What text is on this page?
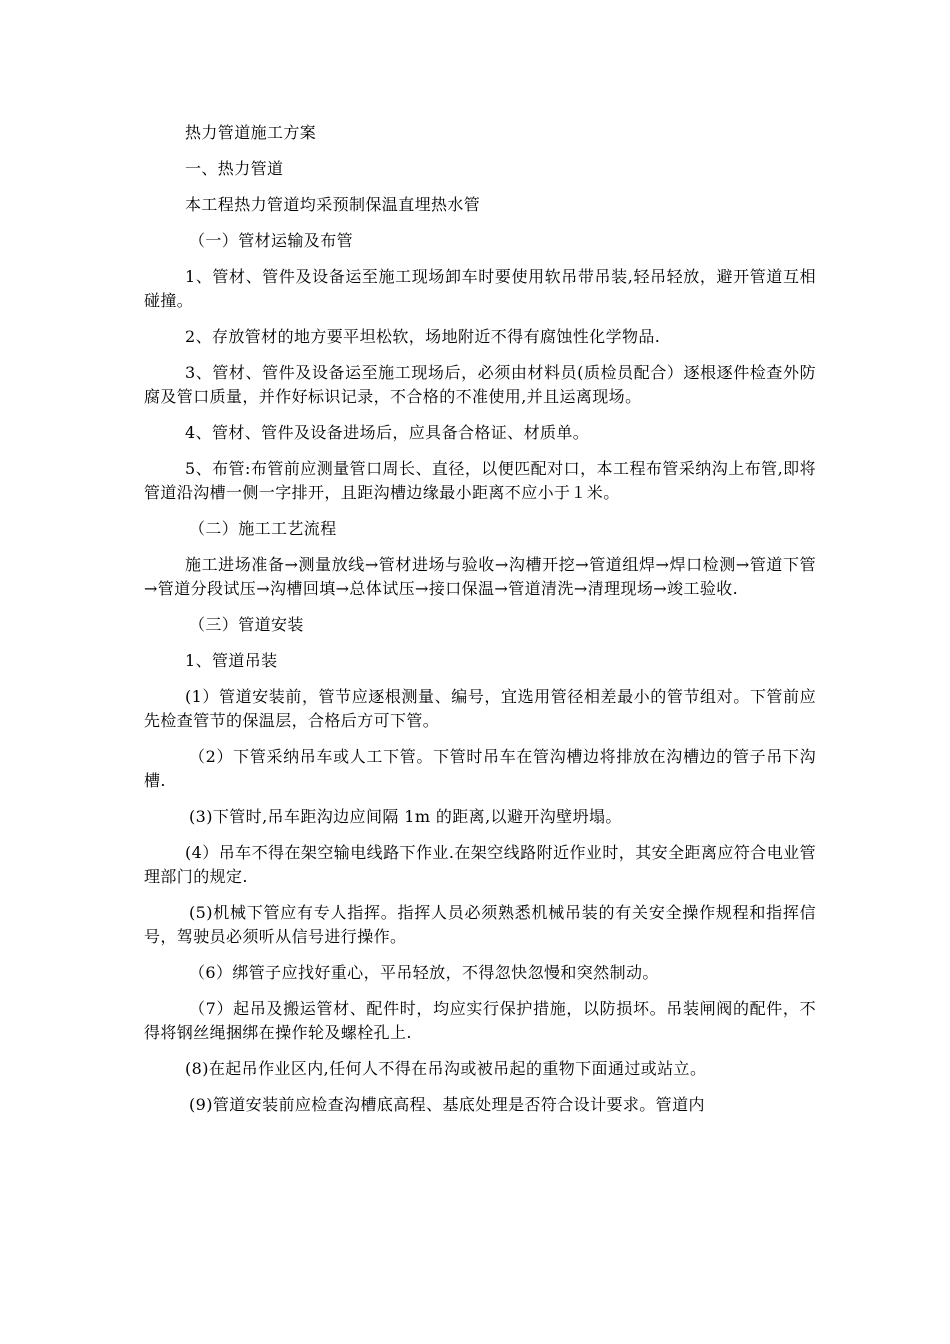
热力管道施工方案

一、热力管道

本工程热力管道均采预制保温直埋热水管

（一）管材运输及布管

1、管材、管件及设备运至施工现场卸车时要使用软吊带吊装,轻吊轻放，避开管道互相碰撞。

2、存放管材的地方要平坦松软，场地附近不得有腐蚀性化学物品.

3、管材、管件及设备运至施工现场后，必须由材料员(质检员配合）逐根逐件检查外防腐及管口质量，并作好标识记录，不合格的不准使用,并且运离现场。

4、管材、管件及设备进场后，应具备合格证、材质单。

5、布管:布管前应测量管口周长、直径，以便匹配对口，本工程布管采纳沟上布管,即将管道沿沟槽一侧一字排开，且距沟槽边缘最小距离不应小于１米。

（二）施工工艺流程

施工进场准备→测量放线→管材进场与验收→沟槽开挖→管道组焊→焊口检测→管道下管→管道分段试压→沟槽回填→总体试压→接口保温→管道清洗→清理现场→竣工验收.

（三）管道安装

1、管道吊装

(1）管道安装前，管节应逐根测量、编号，宜选用管径相差最小的管节组对。下管前应先检查管节的保温层，合格后方可下管。

（2）下管采纳吊车或人工下管。下管时吊车在管沟槽边将排放在沟槽边的管子吊下沟槽.

(3)下管时,吊车距沟边应间隔 1m 的距离,以避开沟壁坍塌。

(4）吊车不得在架空输电线路下作业.在架空线路附近作业时，其安全距离应符合电业管理部门的规定.

(5)机械下管应有专人指挥。指挥人员必须熟悉机械吊装的有关安全操作规程和指挥信号，驾驶员必须听从信号进行操作。

（6）绑管子应找好重心，平吊轻放，不得忽快忽慢和突然制动。

（7）起吊及搬运管材、配件时，均应实行保护措施，以防损坏。吊装闸阀的配件，不得将钢丝绳捆绑在操作轮及螺栓孔上.

(8)在起吊作业区内,任何人不得在吊沟或被吊起的重物下面通过或站立。

(9)管道安装前应检查沟槽底高程、基底处理是否符合设计要求。管道内
